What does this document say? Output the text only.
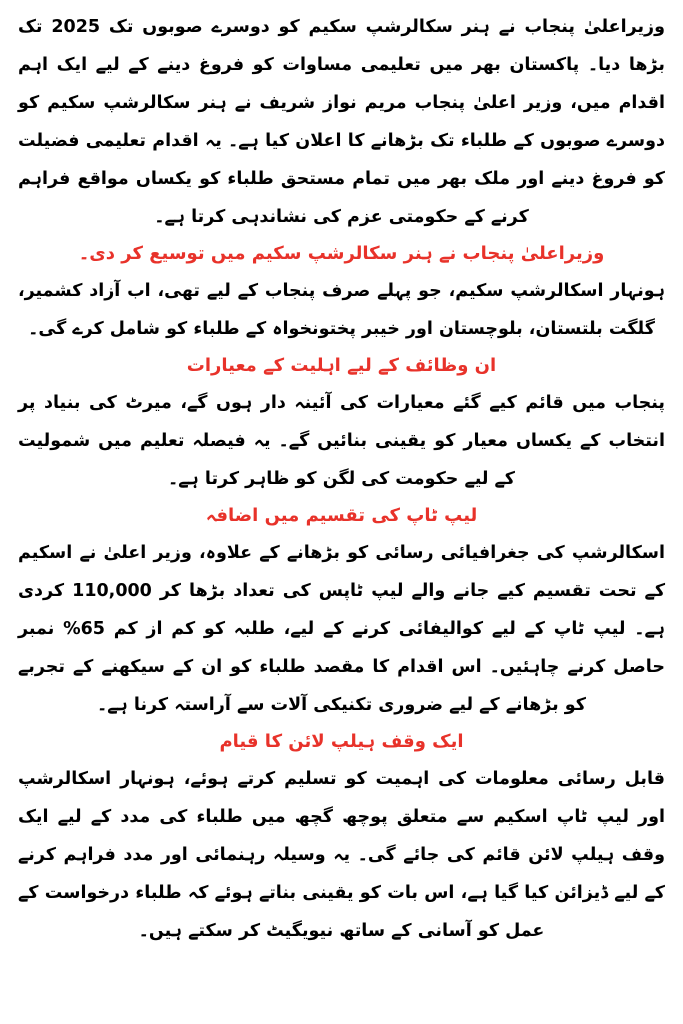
وزیراعلیٰ پنجاب نے ہنر سکالرشپ سکیم کو دوسرے صوبوں تک 2025 تک بڑھا دیا۔ پاکستان بھر میں تعلیمی مساوات کو فروغ دینے کے لیے ایک اہم اقدام میں، وزیر اعلیٰ پنجاب مریم نواز شریف نے ہنر سکالرشپ سکیم کو دوسرے صوبوں کے طلباء تک بڑھانے کا اعلان کیا ہے۔ یہ اقدام تعلیمی فضیلت کو فروغ دینے اور ملک بھر میں تمام مستحق طلباء کو یکساں مواقع فراہم کرنے کے حکومتی عزم کی نشاندہی کرتا ہے۔

وزیراعلیٰ پنجاب نے ہنر سکالرشپ سکیم میں توسیع کر دی۔

ہونہار اسکالرشپ سکیم، جو پہلے صرف پنجاب کے لیے تھی، اب آزاد کشمیر، گلگت بلتستان، بلوچستان اور خیبر پختونخواہ کے طلباء کو شامل کرے گی۔

ان وظائف کے لیے اہلیت کے معیارات

پنجاب میں قائم کیے گئے معیارات کی آئینہ دار ہوں گے، میرٹ کی بنیاد پر انتخاب کے یکساں معیار کو یقینی بنائیں گے۔ یہ فیصلہ تعلیم میں شمولیت کے لیے حکومت کی لگن کو ظاہر کرتا ہے۔

لیپ ٹاپ کی تقسیم میں اضافہ

اسکالرشپ کی جغرافیائی رسائی کو بڑھانے کے علاوہ، وزیر اعلیٰ نے اسکیم کے تحت تقسیم کیے جانے والے لیپ ٹاپس کی تعداد بڑھا کر 110,000 کردی ہے۔ لیپ ٹاپ کے لیے کوالیفائی کرنے کے لیے، طلبہ کو کم از کم 65% نمبر حاصل کرنے چاہئیں۔ اس اقدام کا مقصد طلباء کو ان کے سیکھنے کے تجربے کو بڑھانے کے لیے ضروری تکنیکی آلات سے آراستہ کرنا ہے۔

ایک وقف ہیلپ لائن کا قیام

قابل رسائی معلومات کی اہمیت کو تسلیم کرتے ہوئے، ہونہار اسکالرشپ اور لیپ ٹاپ اسکیم سے متعلق پوچھ گچھ میں طلباء کی مدد کے لیے ایک وقف ہیلپ لائن قائم کی جائے گی۔ یہ وسیلہ رہنمائی اور مدد فراہم کرنے کے لیے ڈیزائن کیا گیا ہے، اس بات کو یقینی بناتے ہوئے کہ طلباء درخواست کے عمل کو آسانی کے ساتھ نیویگیٹ کر سکتے ہیں۔
